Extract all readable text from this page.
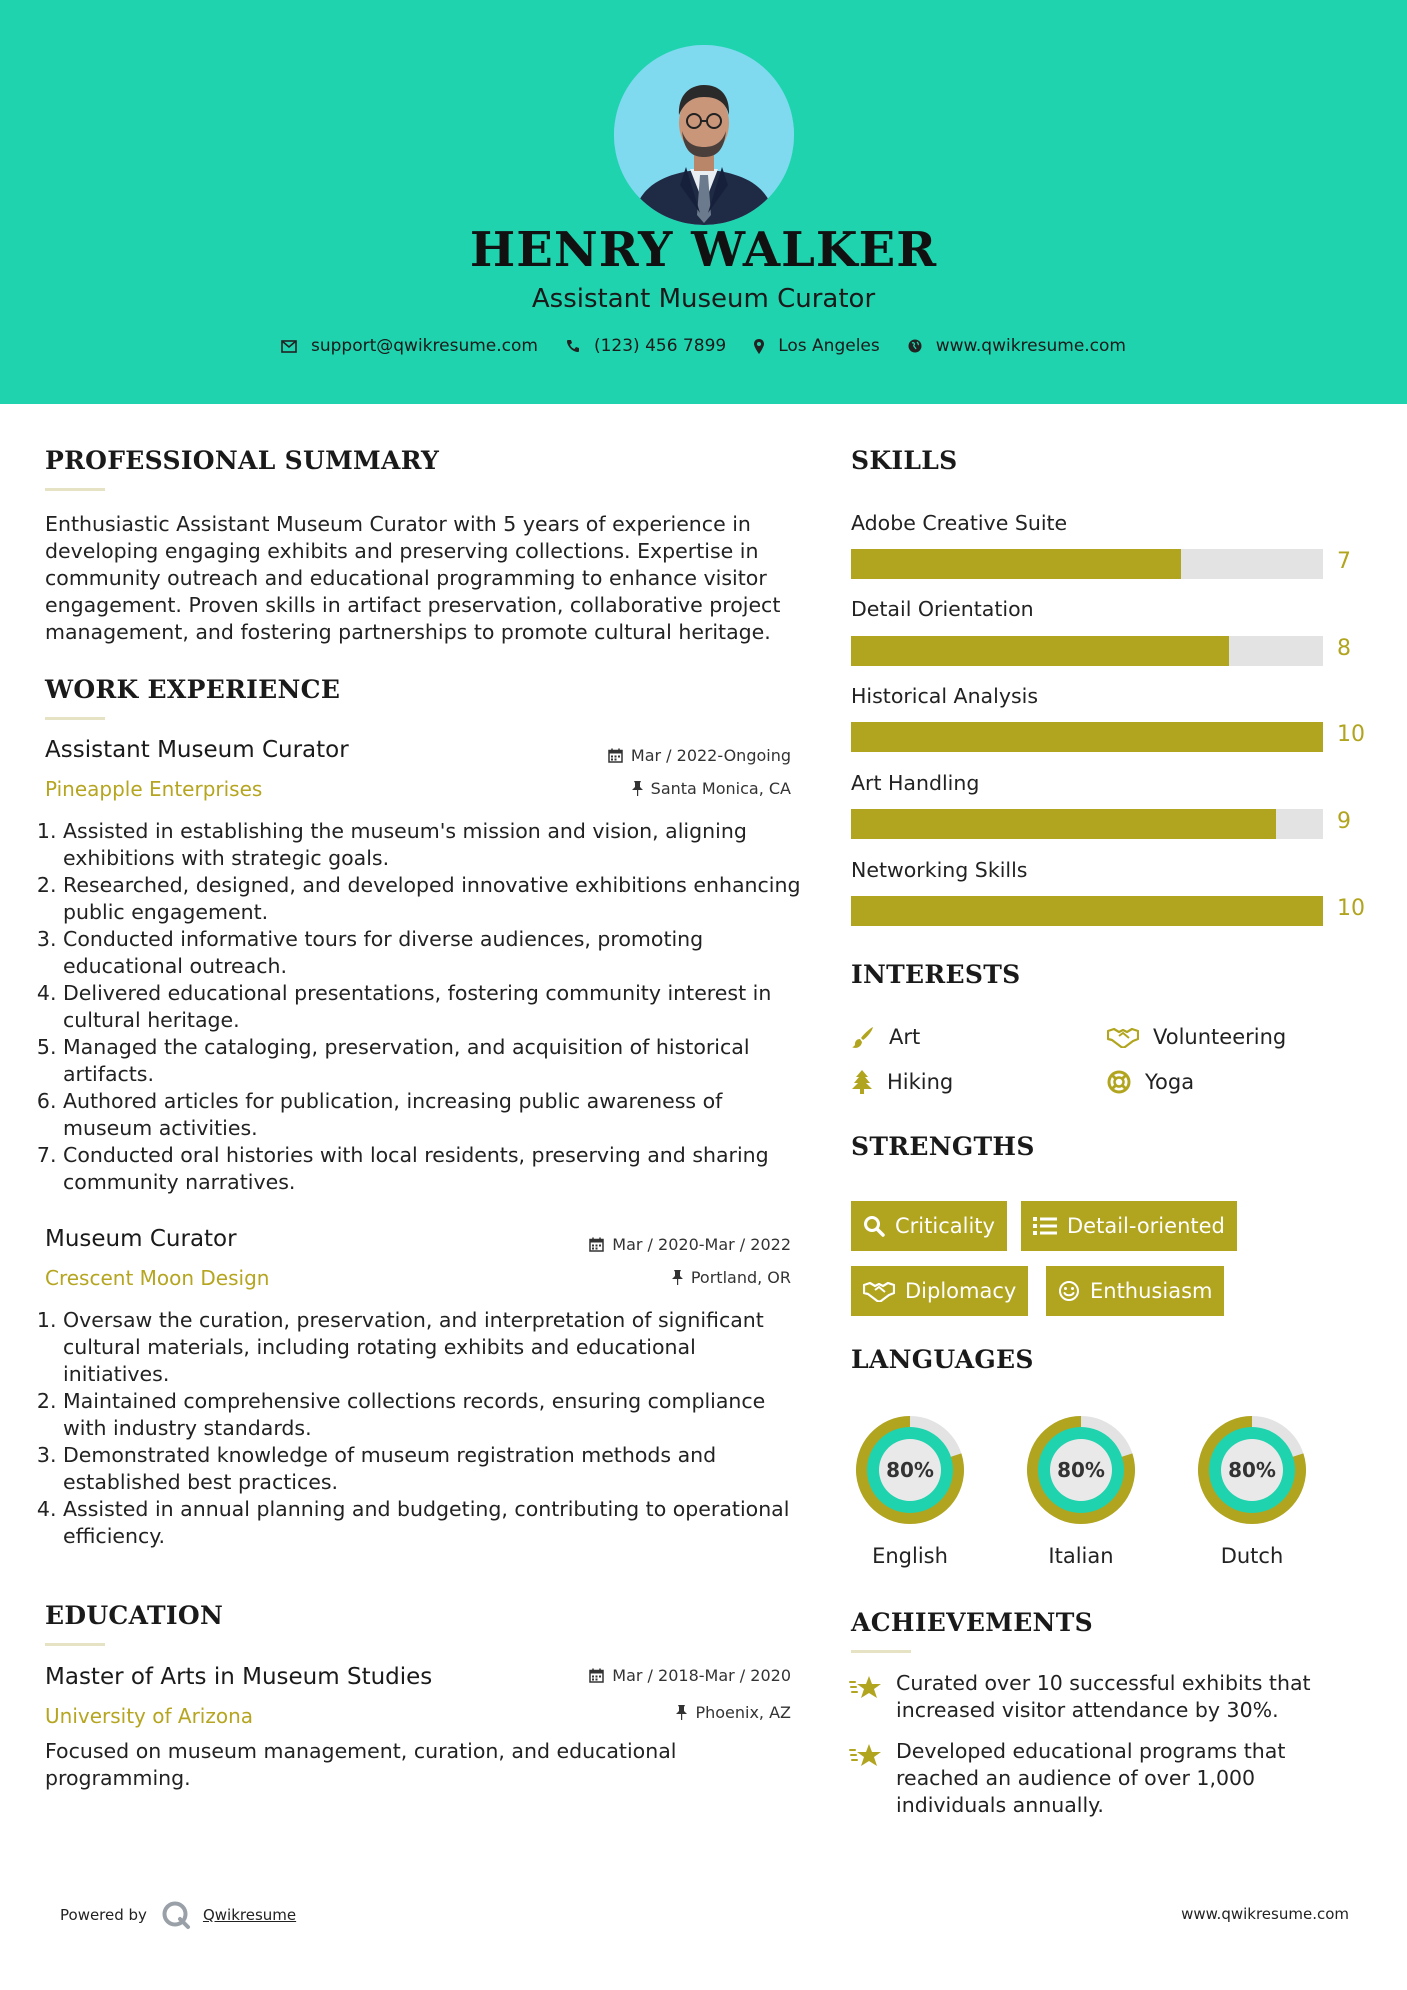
HENRY WALKER
Assistant Museum Curator
support@qwikresume.com	(123) 456 7899	Los Angeles	www.qwikresume.com
PROFESSIONAL SUMMARY
Enthusiastic Assistant Museum Curator with 5 years of experience in developing engaging exhibits and preserving collections. Expertise in community outreach and educational programming to enhance visitor engagement. Proven skills in artifact preservation, collaborative project management, and fostering partnerships to promote cultural heritage.
WORK EXPERIENCE
Assistant Museum Curator	Mar / 2022-Ongoing
Pineapple Enterprises	Santa Monica, CA
1. Assisted in establishing the museum's mission and vision, aligning exhibitions with strategic goals.
2. Researched, designed, and developed innovative exhibitions enhancing public engagement.
3. Conducted informative tours for diverse audiences, promoting educational outreach.
4. Delivered educational presentations, fostering community interest in cultural heritage.
5. Managed the cataloging, preservation, and acquisition of historical artifacts.
6. Authored articles for publication, increasing public awareness of museum activities.
7. Conducted oral histories with local residents, preserving and sharing community narratives.
Museum Curator	Mar / 2020-Mar / 2022
Crescent Moon Design	Portland, OR
1. Oversaw the curation, preservation, and interpretation of significant cultural materials, including rotating exhibits and educational initiatives.
2. Maintained comprehensive collections records, ensuring compliance with industry standards.
3. Demonstrated knowledge of museum registration methods and established best practices.
4. Assisted in annual planning and budgeting, contributing to operational efficiency.
EDUCATION
Master of Arts in Museum Studies	Mar / 2018-Mar / 2020
University of Arizona	Phoenix, AZ
Focused on museum management, curation, and educational programming.
SKILLS
Adobe Creative Suite
7
Detail Orientation
8
Historical Analysis
10
Art Handling
9
Networking Skills
10
INTERESTS
Art	Volunteering
Hiking	Yoga
STRENGTHS
Criticality	Detail-oriented
Diplomacy	Enthusiasm
LANGUAGES
80%
English
80%
Italian
80%
Dutch
ACHIEVEMENTS
Curated over 10 successful exhibits that increased visitor attendance by 30%.
Developed educational programs that reached an audience of over 1,000 individuals annually.
Powered by	Qwikresume	www.qwikresume.com
